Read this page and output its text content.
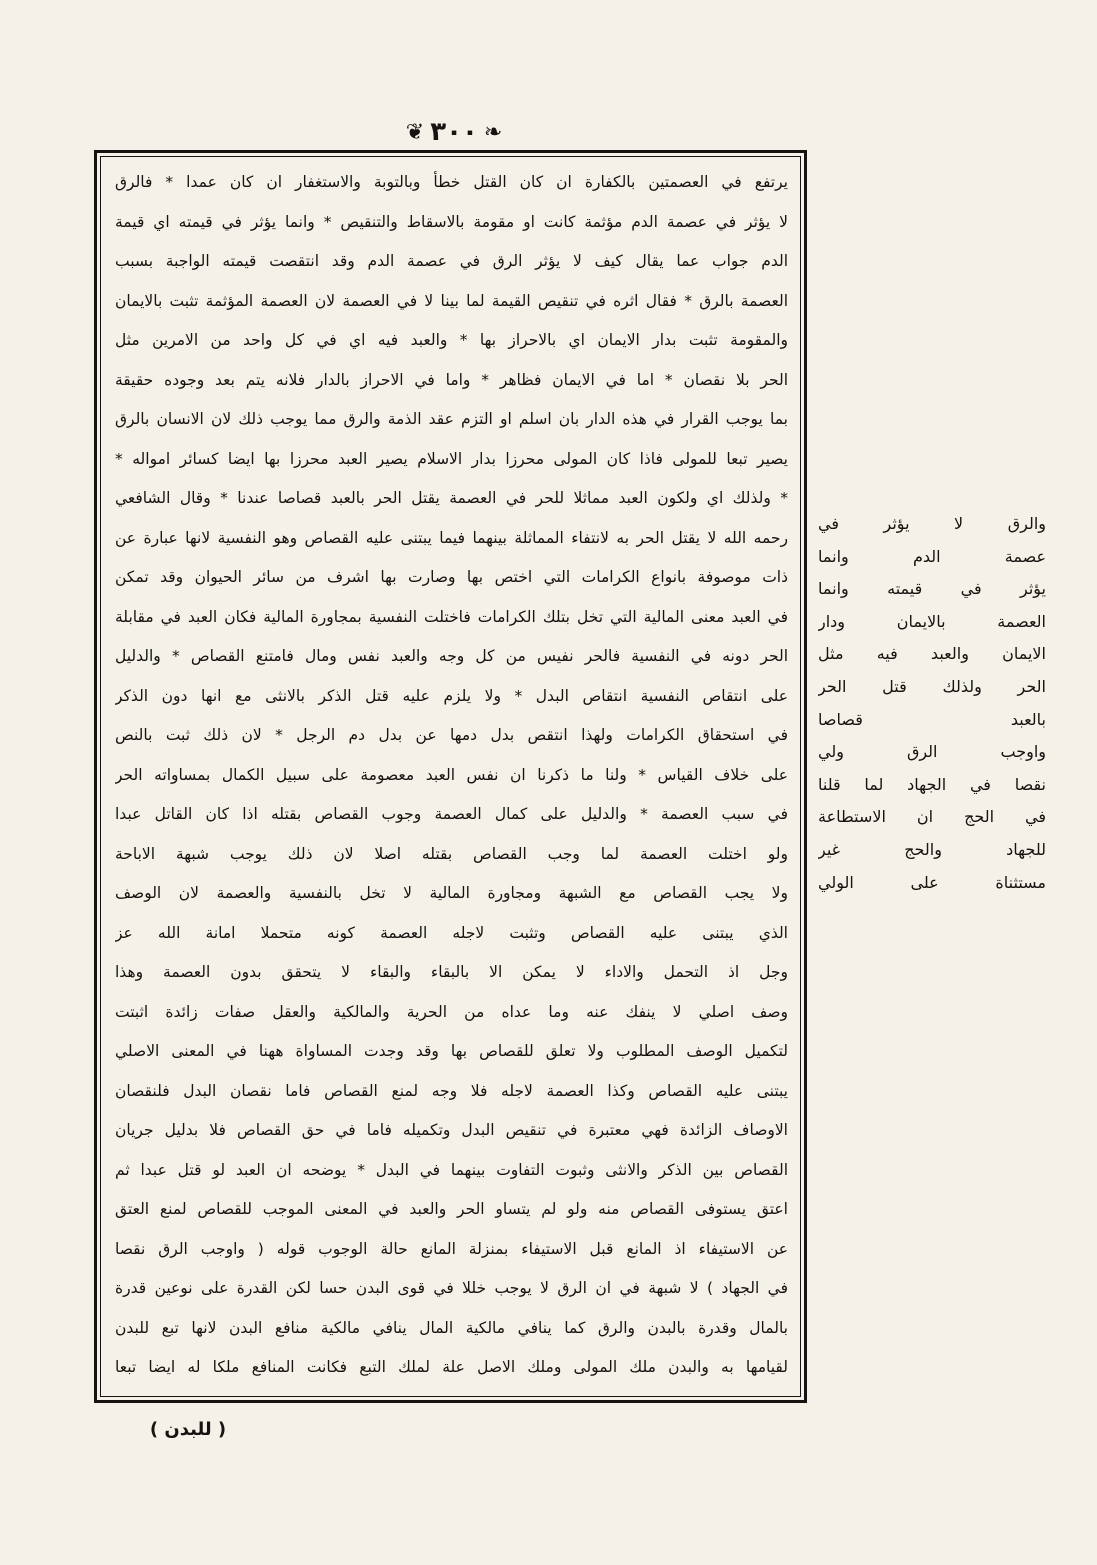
❧
٣٠٠
❦
يرتفع في العصمتين بالكفارة ان كان القتل خطأ وبالتوبة والاستغفار ان كان عمدا * فالرق
لا يؤثر في عصمة الدم مؤثمة كانت او مقومة بالاسقاط والتنقيص * وانما يؤثر في قيمته اي قيمة
الدم جواب عما يقال كيف لا يؤثر الرق في عصمة الدم وقد انتقصت قيمته الواجبة بسبب
العصمة بالرق * فقال اثره في تنقيص القيمة لما بينا لا في العصمة لان العصمة المؤثمة تثبت بالايمان
والمقومة تثبت بدار الايمان اي بالاحراز بها * والعبد فيه اي في كل واحد من الامرين مثل
الحر بلا نقصان * اما في الايمان فظاهر * واما في الاحراز بالدار فلانه يتم بعد وجوده حقيقة
بما يوجب القرار في هذه الدار بان اسلم او التزم عقد الذمة والرق مما يوجب ذلك لان الانسان بالرق
يصير تبعا للمولى فاذا كان المولى محرزا بدار الاسلام يصير العبد محرزا بها ايضا كسائر امواله *
* ولذلك اي ولكون العبد مماثلا للحر في العصمة يقتل الحر بالعبد قصاصا عندنا * وقال الشافعي
رحمه الله لا يقتل الحر به لانتفاء المماثلة بينهما فيما يبتنى عليه القصاص وهو النفسية لانها عبارة عن
ذات موصوفة بانواع الكرامات التي اختص بها وصارت بها اشرف من سائر الحيوان وقد تمكن
في العبد معنى المالية التي تخل بتلك الكرامات فاختلت النفسية بمجاورة المالية فكان العبد في مقابلة
الحر دونه في النفسية فالحر نفيس من كل وجه والعبد نفس ومال فامتنع القصاص * والدليل
على انتقاص النفسية انتقاص البدل * ولا يلزم عليه قتل الذكر بالانثى مع انها دون الذكر
في استحقاق الكرامات ولهذا انتقص بدل دمها عن بدل دم الرجل * لان ذلك ثبت بالنص
على خلاف القياس * ولنا ما ذكرنا ان نفس العبد معصومة على سبيل الكمال بمساواته الحر
في سبب العصمة * والدليل على كمال العصمة وجوب القصاص بقتله اذا كان القاتل عبدا
ولو اختلت العصمة لما وجب القصاص بقتله اصلا لان ذلك يوجب شبهة الاباحة
ولا يجب القصاص مع الشبهة ومجاورة المالية لا تخل بالنفسية والعصمة لان الوصف
الذي يبتنى عليه القصاص وتثبت لاجله العصمة كونه متحملا امانة الله عز
وجل اذ التحمل والاداء لا يمكن الا بالبقاء والبقاء لا يتحقق بدون العصمة وهذا
وصف اصلي لا ينفك عنه وما عداه من الحرية والمالكية والعقل صفات زائدة اثبتت
لتكميل الوصف المطلوب ولا تعلق للقصاص بها وقد وجدت المساواة ههنا في المعنى الاصلي
يبتنى عليه القصاص وكذا العصمة لاجله فلا وجه لمنع القصاص فاما نقصان البدل فلنقصان
الاوصاف الزائدة فهي معتبرة في تنقيص البدل وتكميله فاما في حق القصاص فلا بدليل جريان
القصاص بين الذكر والانثى وثبوت التفاوت بينهما في البدل * يوضحه ان العبد لو قتل عبدا ثم
اعتق يستوفى القصاص منه ولو لم يتساو الحر والعبد في المعنى الموجب للقصاص لمنع العتق
عن الاستيفاء اذ المانع قبل الاستيفاء بمنزلة المانع حالة الوجوب قوله ( واوجب الرق نقصا
في الجهاد ) لا شبهة في ان الرق لا يوجب خللا في قوى البدن حسا لكن القدرة على نوعين قدرة
بالمال وقدرة بالبدن والرق كما ينافي مالكية المال ينافي مالكية منافع البدن لانها تبع للبدن
لقيامها به والبدن ملك المولى وملك الاصل علة لملك التبع فكانت المنافع ملكا له ايضا تبعا
والرق لا يؤثر في
عصمة الدم وانما
يؤثر في قيمته وانما
العصمة بالايمان ودار
الايمان والعبد فيه مثل
الحر ولذلك قتل الحر
بالعبد قصاصا
واوجب الرق ولي
نقصا في الجهاد لما قلنا
في الحج ان الاستطاعة
للجهاد والحج غير
مستثناة على الولي
( للبدن )
